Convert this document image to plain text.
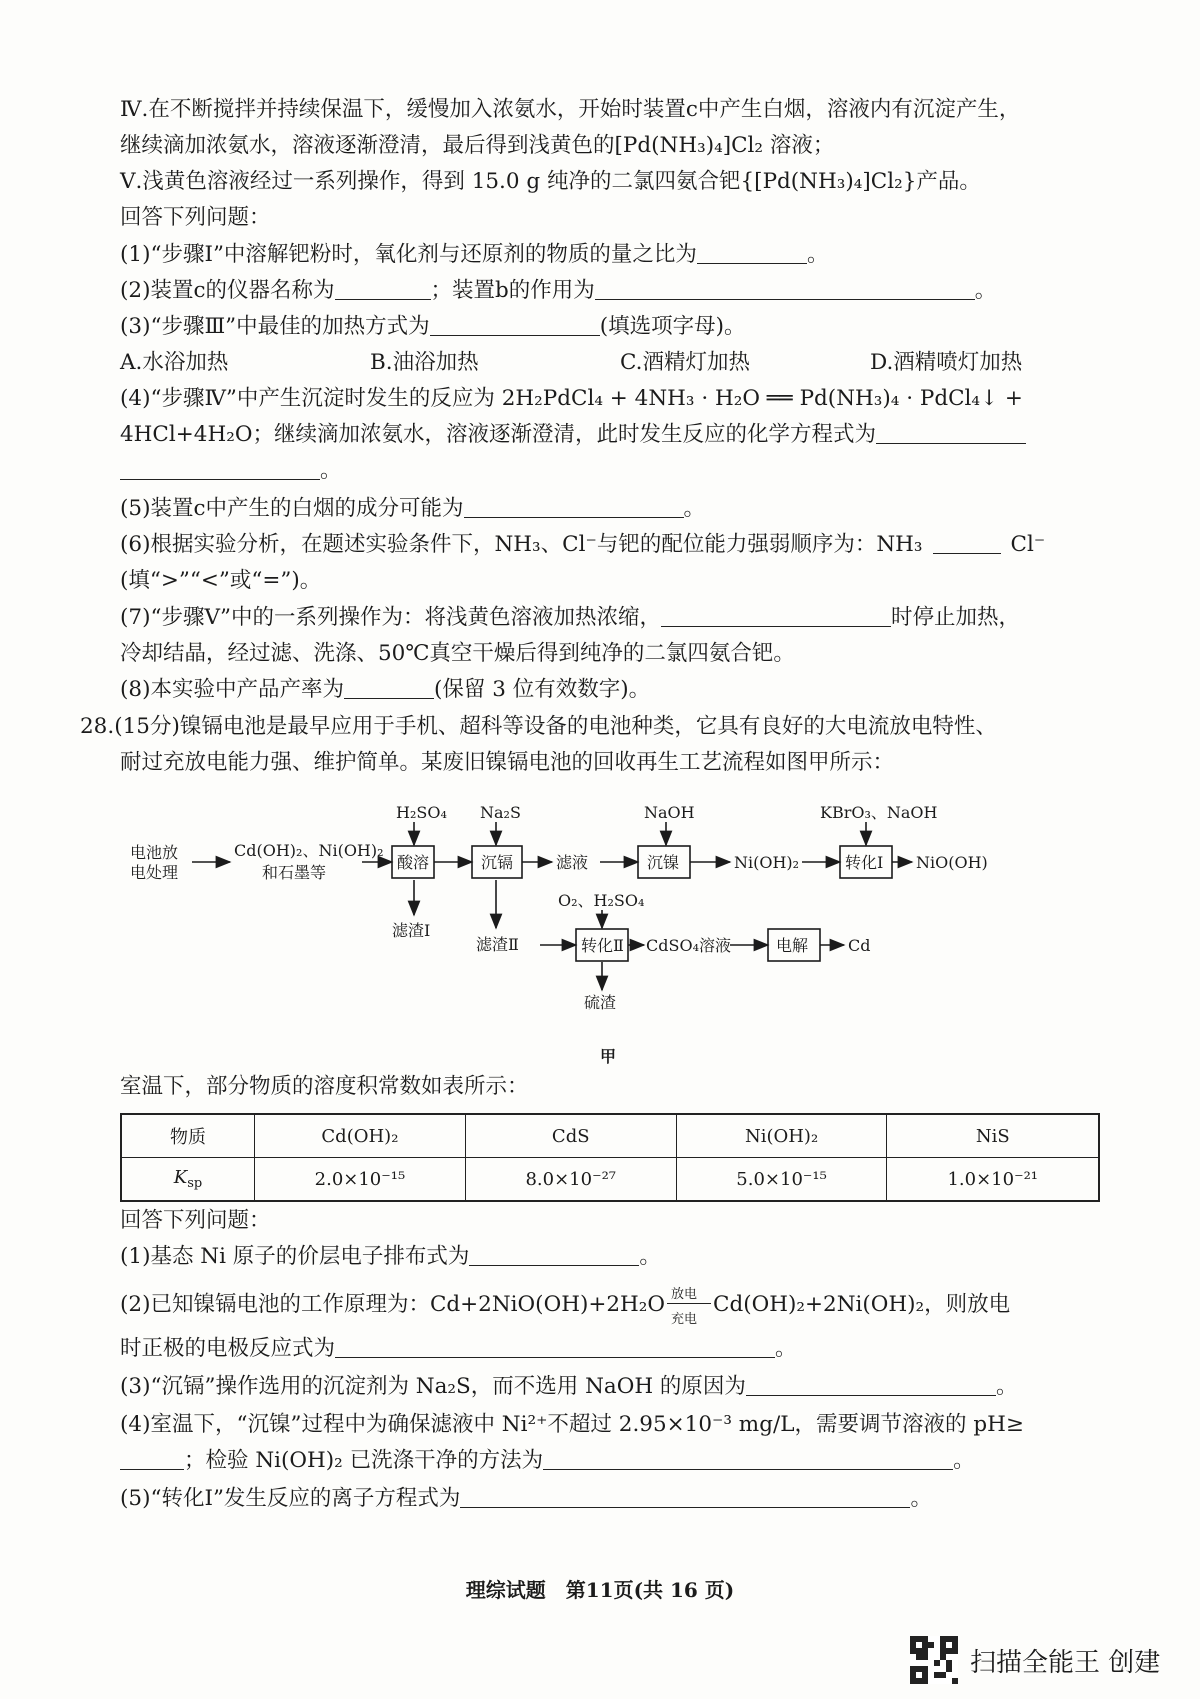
Ⅳ.在不断搅拌并持续保温下，缓慢加入浓氨水，开始时装置c中产生白烟，溶液内有沉淀产生，
继续滴加浓氨水，溶液逐渐澄清，最后得到浅黄色的[Pd(NH₃)₄]Cl₂ 溶液；
Ⅴ.浅黄色溶液经过一系列操作，得到 15.0 g 纯净的二氯四氨合钯{[Pd(NH₃)₄]Cl₂}产品。
回答下列问题：
(1)“步骤Ⅰ”中溶解钯粉时，氧化剂与还原剂的物质的量之比为	。
(2)装置c的仪器名称为	；装置b的作用为	。
(3)“步骤Ⅲ”中最佳的加热方式为	(填选项字母)。
A.水浴加热	B.油浴加热	C.酒精灯加热	D.酒精喷灯加热
(4)“步骤Ⅳ”中产生沉淀时发生的反应为 2H₂PdCl₄ + 4NH₃ · H₂O ══ Pd(NH₃)₄ · PdCl₄↓ +
4HCl+4H₂O；继续滴加浓氨水，溶液逐渐澄清，此时发生反应的化学方程式为
。
(5)装置c中产生的白烟的成分可能为	。
(6)根据实验分析，在题述实验条件下，NH₃、Cl⁻与钯的配位能力强弱顺序为：NH₃	Cl⁻
(填“>”“<”或“=”)。
(7)“步骤Ⅴ”中的一系列操作为：将浅黄色溶液加热浓缩，	时停止加热，
冷却结晶，经过滤、洗涤、50℃真空干燥后得到纯净的二氯四氨合钯。
(8)本实验中产品产率为	(保留 3 位有效数字)。
28.(15分)镍镉电池是最早应用于手机、超科等设备的电池种类，它具有良好的大电流放电特性、
耐过充放电能力强、维护简单。某废旧镍镉电池的回收再生工艺流程如图甲所示：
电池放
电处理
Cd(OH)₂、Ni(OH)₂
和石墨等
H₂SO₄ Na₂S	NaOH	KBrO₃、NaOH
酸溶	沉镉	滤液	沉镍	Ni(OH)₂	转化Ⅰ NiO(OH)
滤渣Ⅰ
O₂、H₂SO₄
滤渣Ⅱ	转化Ⅱ CdSO₄溶液	电解 Cd
硫渣
甲
室温下，部分物质的溶度积常数如表所示：
物质	Cd(OH)₂	CdS	Ni(OH)₂	NiS
$K_{sp}$	2.0×10⁻¹⁵	8.0×10⁻²⁷	5.0×10⁻¹⁵	1.0×10⁻²¹
回答下列问题：
(1)基态 Ni 原子的价层电子排布式为	。
(2)已知镍镉电池的工作原理为：Cd+2NiO(OH)+2H₂O 放电
充电
Cd(OH)₂+2Ni(OH)₂，则放电
时正极的电极反应式为	。
(3)“沉镉”操作选用的沉淀剂为 Na₂S，而不选用 NaOH 的原因为	。
(4)室温下，“沉镍”过程中为确保滤液中 Ni²⁺不超过 2.95×10⁻³ mg/L，需要调节溶液的 pH≥
；检验 Ni(OH)₂ 已洗涤干净的方法为	。
(5)“转化Ⅰ”发生反应的离子方程式为	。
理综试题　第11页(共 16 页)
扫描全能王 创建
